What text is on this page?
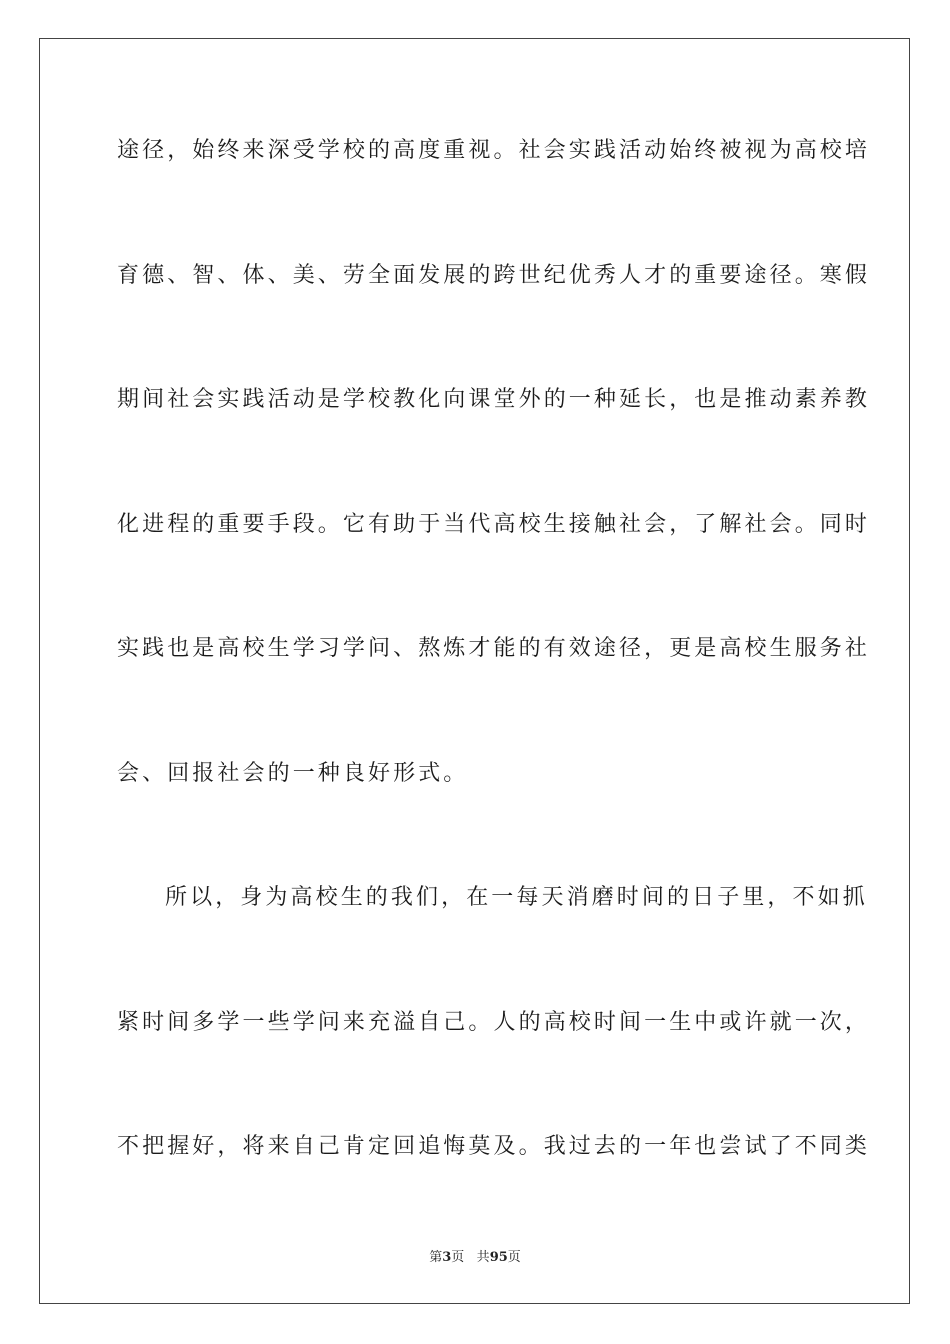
途径，始终来深受学校的高度重视。社会实践活动始终被视为高校培
育德、智、体、美、劳全面发展的跨世纪优秀人才的重要途径。寒假
期间社会实践活动是学校教化向课堂外的一种延长，也是推动素养教
化进程的重要手段。它有助于当代高校生接触社会，了解社会。同时
实践也是高校生学习学问、熬炼才能的有效途径，更是高校生服务社
会、回报社会的一种良好形式。
所以，身为高校生的我们，在一每天消磨时间的日子里，不如抓
紧时间多学一些学问来充溢自己。人的高校时间一生中或许就一次，
不把握好，将来自己肯定回追悔莫及。我过去的一年也尝试了不同类
第3页 共95页
